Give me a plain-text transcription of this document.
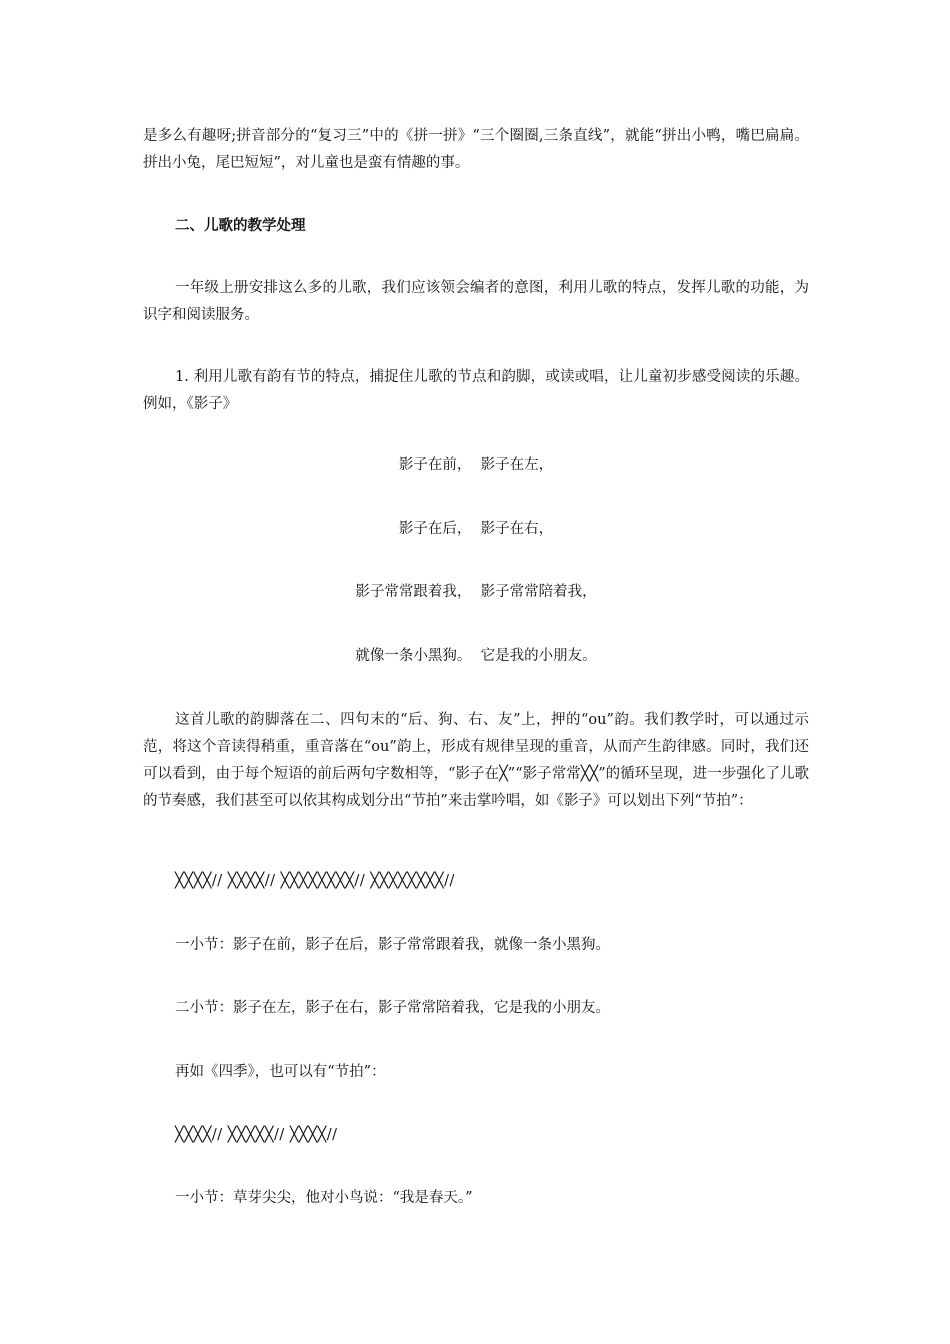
是多么有趣呀;拼音部分的“复习三”中的《拼一拼》“三个圈圈,三条直线”，就能“拼出小鸭，嘴巴扁扁。拼出小兔，尾巴短短”，对儿童也是蛮有情趣的事。

二、儿歌的教学处理

一年级上册安排这么多的儿歌，我们应该领会编者的意图，利用儿歌的特点，发挥儿歌的功能，为识字和阅读服务。

1. 利用儿歌有韵有节的特点，捕捉住儿歌的节点和韵脚，或读或唱，让儿童初步感受阅读的乐趣。例如，《影子》

影子在前，  影子在左，

影子在后，  影子在右，

影子常常跟着我，  影子常常陪着我，

就像一条小黑狗。  它是我的小朋友。

这首儿歌的韵脚落在二、四句末的“后、狗、右、友”上，押的“ou”韵。我们教学时，可以通过示范，将这个音读得稍重，重音落在“ou”韵上，形成有规律呈现的重音，从而产生韵律感。同时，我们还可以看到，由于每个短语的前后两句字数相等，“影子在╳”“影子常常╳╳”的循环呈现，进一步强化了儿歌的节奏感，我们甚至可以依其构成划分出“节拍”来击掌吟唱，如《影子》可以划出下列“节拍”：

╳╳╳╳// ╳╳╳╳// ╳╳╳╳╳╳╳╳// ╳╳╳╳╳╳╳╳//

一小节：影子在前，影子在后，影子常常跟着我，就像一条小黑狗。

二小节：影子在左，影子在右，影子常常陪着我，它是我的小朋友。

再如《四季》，也可以有“节拍”：

╳╳╳╳// ╳╳╳╳╳// ╳╳╳╳//

一小节：草芽尖尖，他对小鸟说：“我是春天。”
